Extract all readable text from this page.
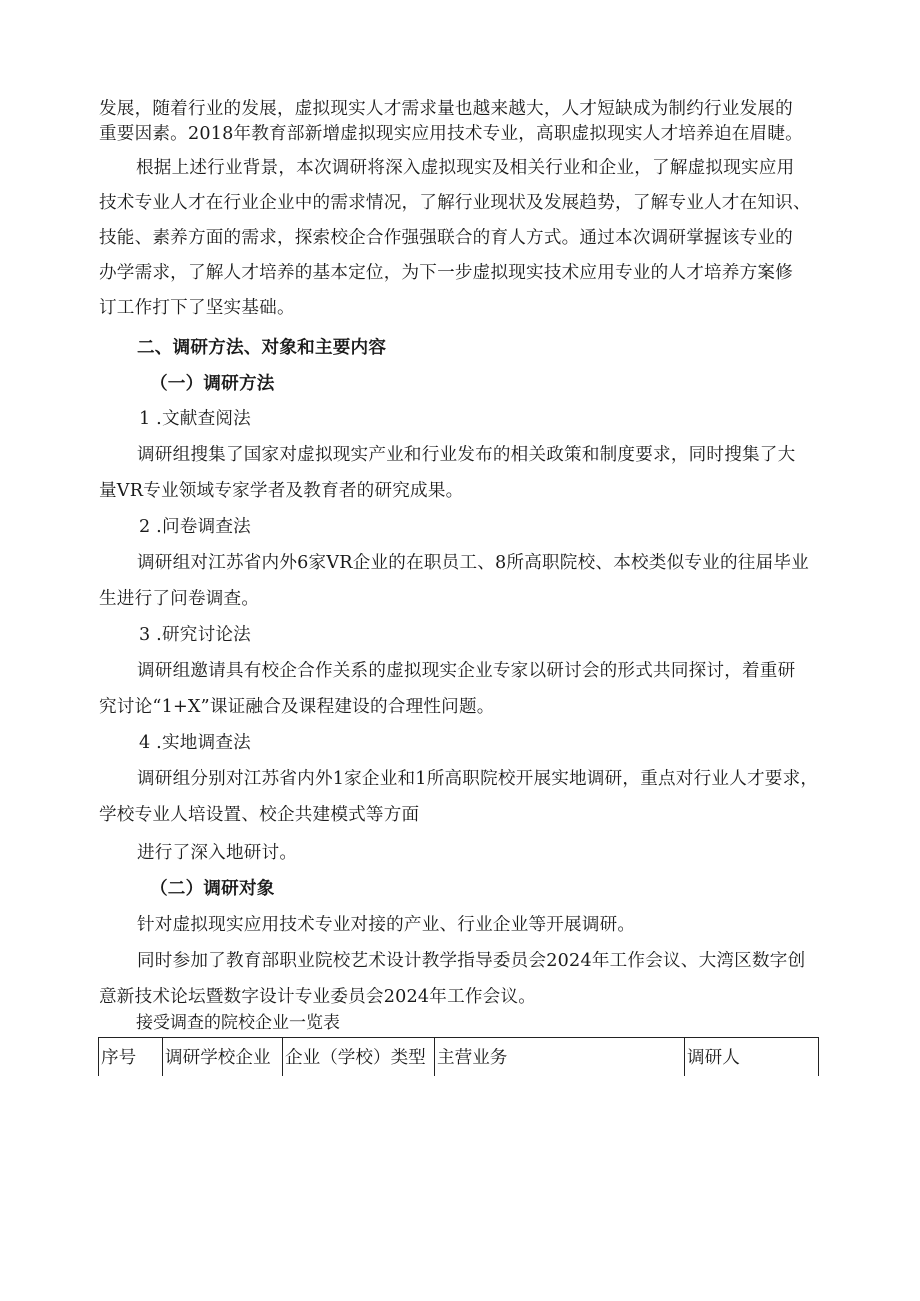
发展，随着行业的发展，虚拟现实人才需求量也越来越大，人才短缺成为制约行业发展的
重要因素。2018年教育部新增虚拟现实应用技术专业，高职虚拟现实人才培养迫在眉睫。
根据上述行业背景，本次调研将深入虚拟现实及相关行业和企业，了解虚拟现实应用
技术专业人才在行业企业中的需求情况，了解行业现状及发展趋势，了解专业人才在知识、
技能、素养方面的需求，探索校企合作强强联合的育人方式。通过本次调研掌握该专业的
办学需求，了解人才培养的基本定位，为下一步虚拟现实技术应用专业的人才培养方案修
订工作打下了坚实基础。
二、调研方法、对象和主要内容
（一）调研方法
1 .文献查阅法
调研组搜集了国家对虚拟现实产业和行业发布的相关政策和制度要求，同时搜集了大
量VR专业领域专家学者及教育者的研究成果。
2 .问卷调查法
调研组对江苏省内外6家VR企业的在职员工、8所高职院校、本校类似专业的往届毕业
生进行了问卷调查。
3 .研究讨论法
调研组邀请具有校企合作关系的虚拟现实企业专家以研讨会的形式共同探讨，着重研
究讨论“1+X”课证融合及课程建设的合理性问题。
4 .实地调查法
调研组分别对江苏省内外1家企业和1所高职院校开展实地调研，重点对行业人才要求，
学校专业人培设置、校企共建模式等方面
进行了深入地研讨。
（二）调研对象
针对虚拟现实应用技术专业对接的产业、行业企业等开展调研。
同时参加了教育部职业院校艺术设计教学指导委员会2024年工作会议、大湾区数字创
意新技术论坛暨数字设计专业委员会2024年工作会议。
接受调查的院校企业一览表
序号 调研学校企业 企业（学校）类型 主营业务	调研人
